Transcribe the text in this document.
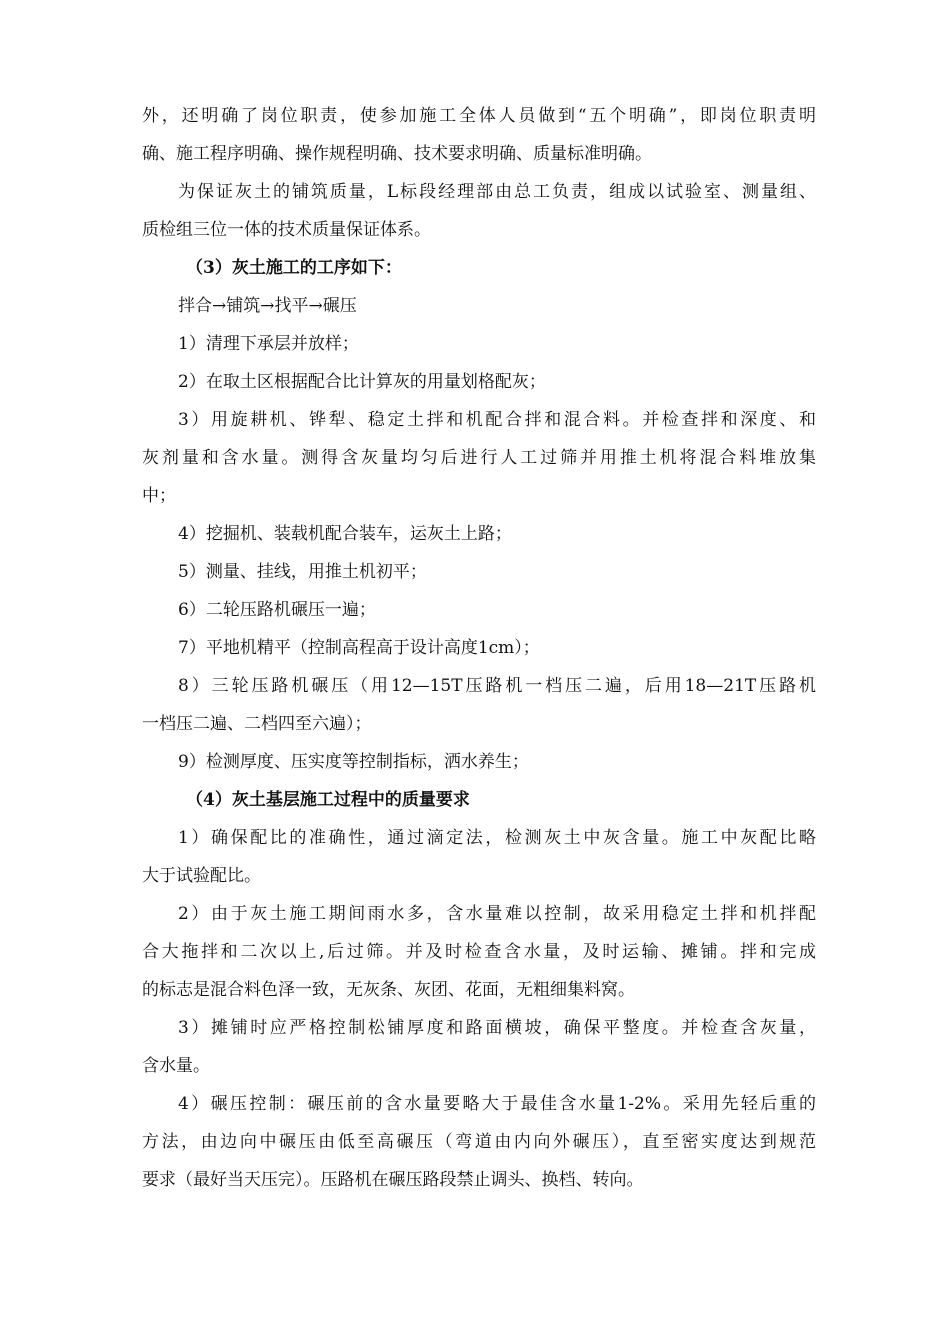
外，还明确了岗位职责，使参加施工全体人员做到“五个明确”，即岗位职责明
确、施工程序明确、操作规程明确、技术要求明确、质量标准明确。
为保证灰土的铺筑质量，L标段经理部由总工负责，组成以试验室、测量组、
质检组三位一体的技术质量保证体系。
（3）灰土施工的工序如下：
拌合→铺筑→找平→碾压
1）清理下承层并放样；
2）在取土区根据配合比计算灰的用量划格配灰；
3）用旋耕机、铧犁、稳定土拌和机配合拌和混合料。并检查拌和深度、和
灰剂量和含水量。测得含灰量均匀后进行人工过筛并用推土机将混合料堆放集
中；
4）挖掘机、装载机配合装车，运灰土上路；
5）测量、挂线，用推土机初平；
6）二轮压路机碾压一遍；
7）平地机精平（控制高程高于设计高度1cm）；
8）三轮压路机碾压（用12—15T压路机一档压二遍，后用18—21T压路机
一档压二遍、二档四至六遍）；
9）检测厚度、压实度等控制指标，洒水养生；
（4）灰土基层施工过程中的质量要求
1）确保配比的准确性，通过滴定法，检测灰土中灰含量。施工中灰配比略
大于试验配比。
2）由于灰土施工期间雨水多，含水量难以控制，故采用稳定土拌和机拌配
合大拖拌和二次以上,后过筛。并及时检查含水量，及时运输、摊铺。拌和完成
的标志是混合料色泽一致，无灰条、灰团、花面，无粗细集料窝。
3）摊铺时应严格控制松铺厚度和路面横坡，确保平整度。并检查含灰量，
含水量。
4）碾压控制：碾压前的含水量要略大于最佳含水量1-2%。采用先轻后重的
方法，由边向中碾压由低至高碾压（弯道由内向外碾压），直至密实度达到规范
要求（最好当天压完）。压路机在碾压路段禁止调头、换档、转向。
